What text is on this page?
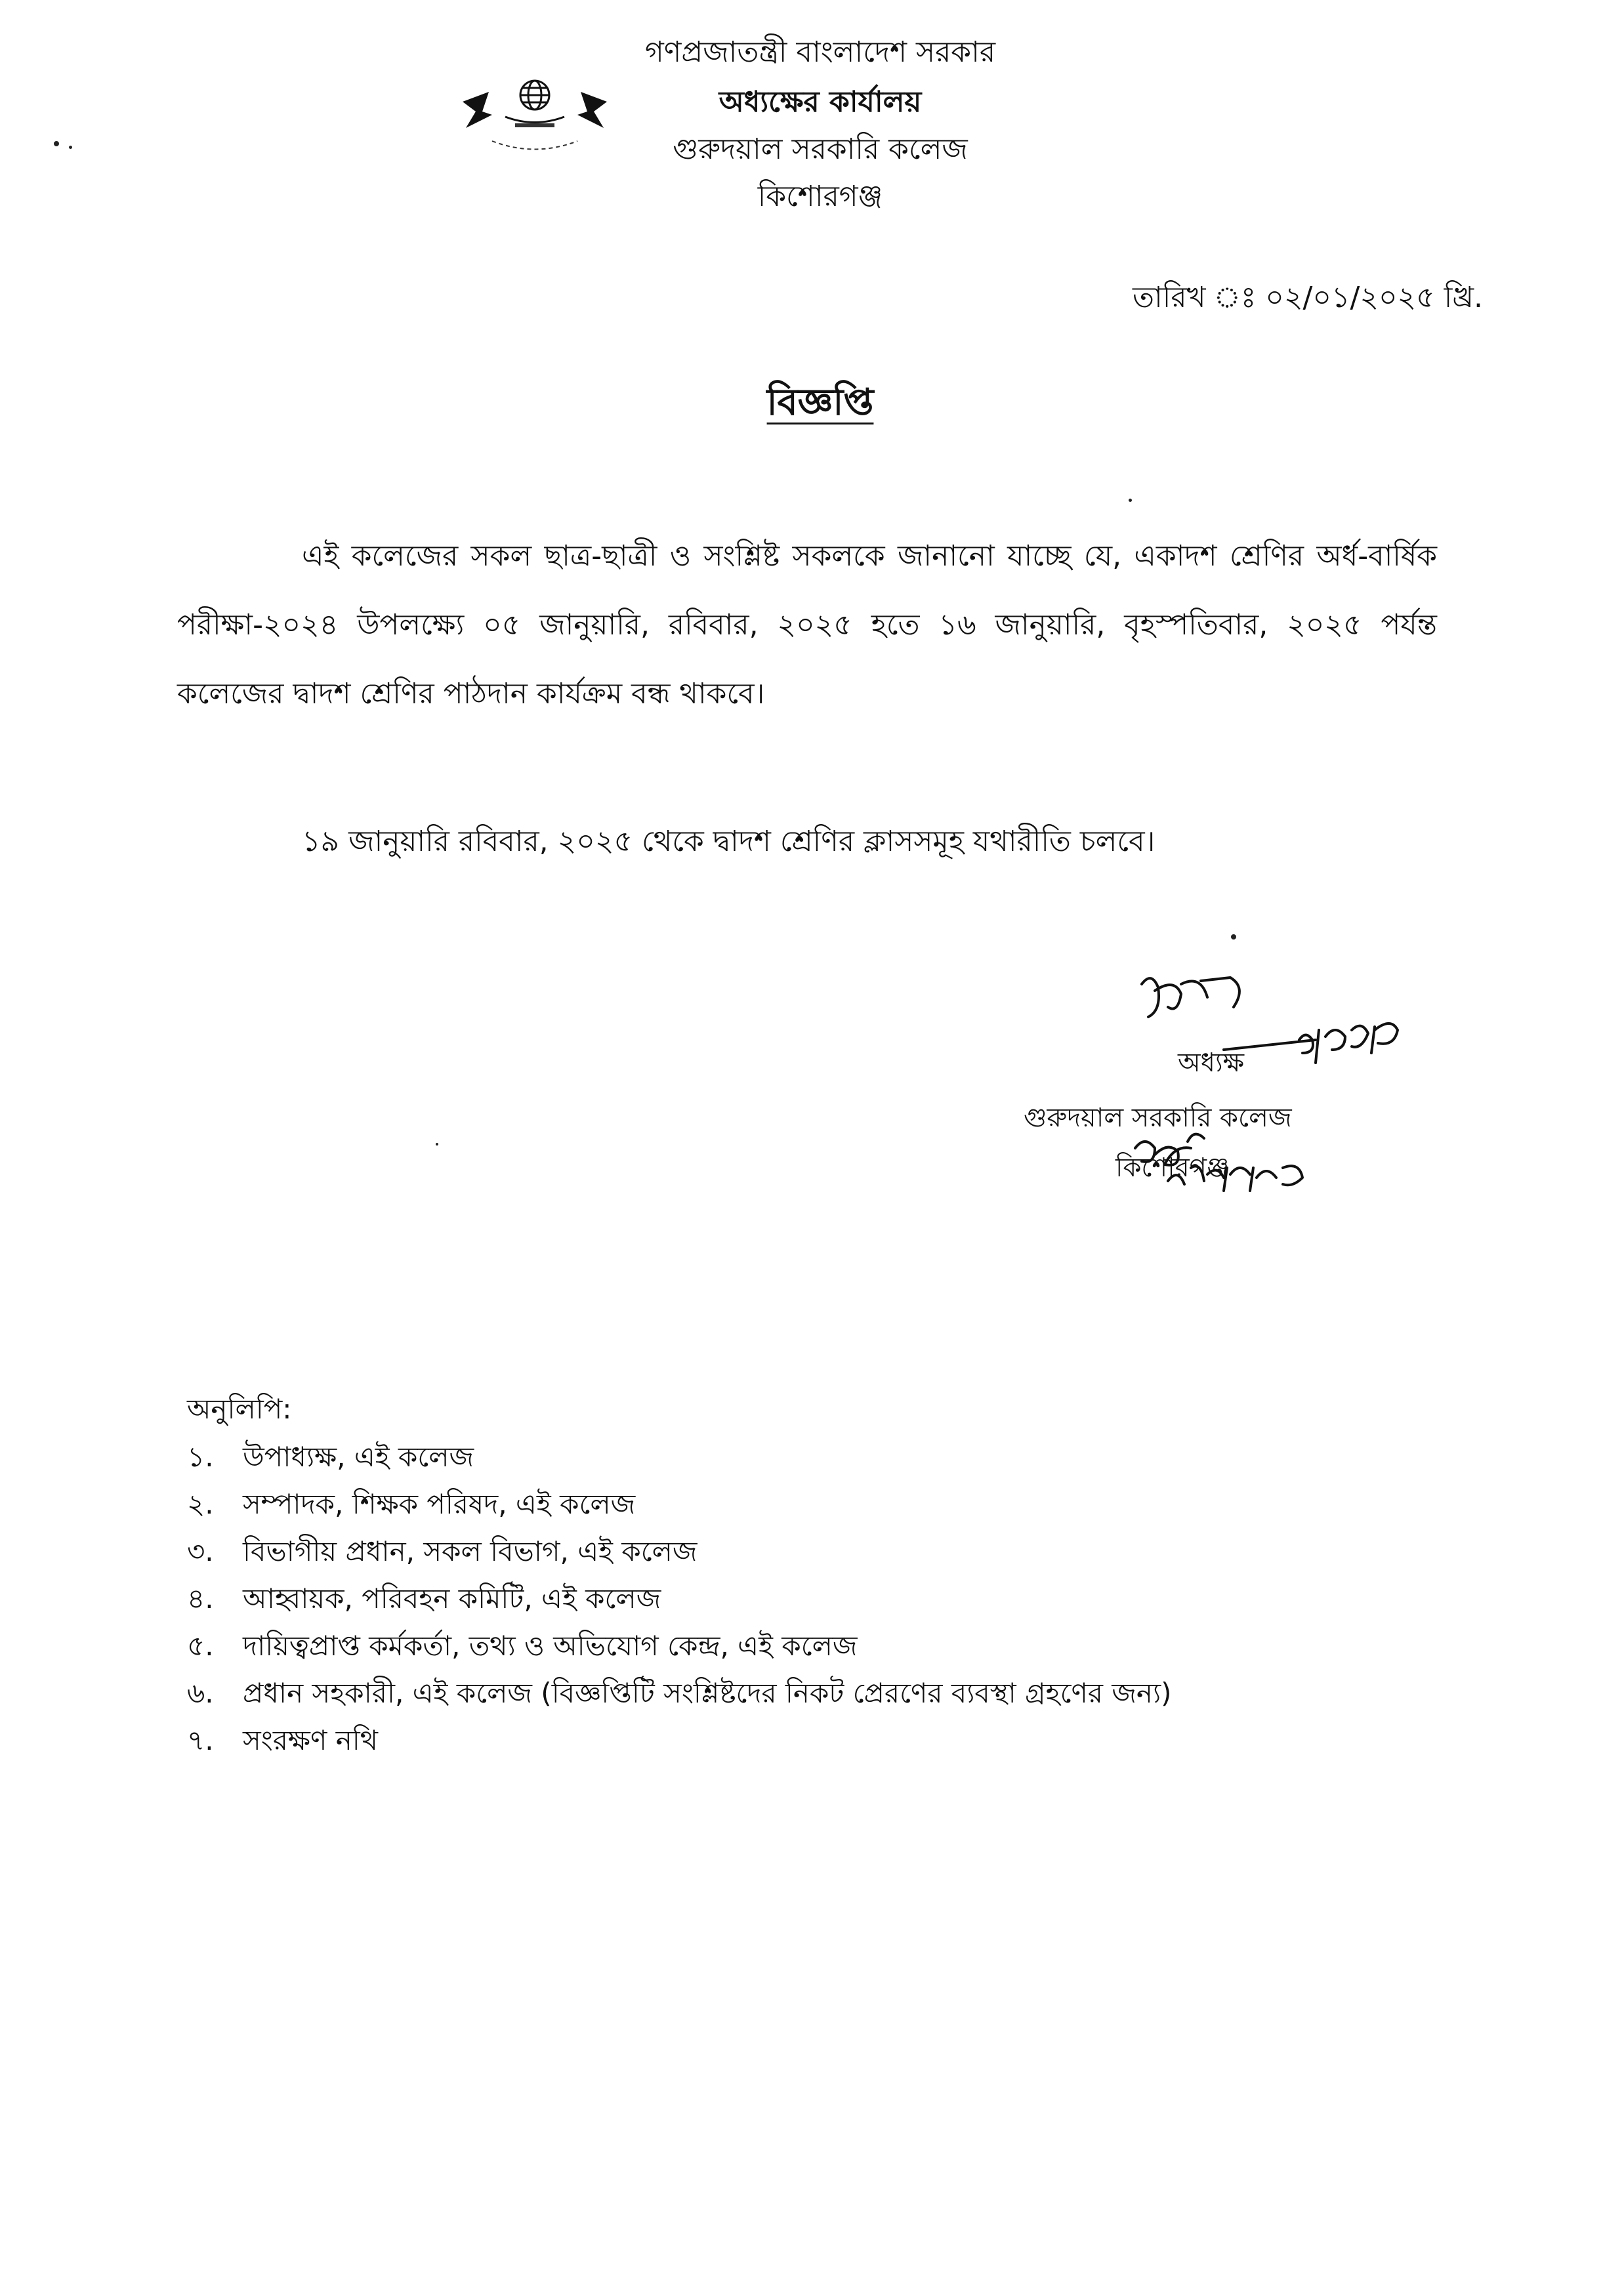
গণপ্রজাতন্ত্রী বাংলাদেশ সরকার
অধ্যক্ষের কার্যালয়
গুরুদয়াল সরকারি কলেজ
কিশোরগঞ্জ
তারিখ ঃ ০২/০১/২০২৫ খ্রি.
বিজ্ঞপ্তি

এই কলেজের সকল ছাত্র-ছাত্রী ও সংশ্লিষ্ট সকলকে জানানো যাচ্ছে যে, একাদশ শ্রেণির অর্ধ-বার্ষিক পরীক্ষা-২০২৪ উপলক্ষ্যে ০৫ জানুয়ারি, রবিবার, ২০২৫ হতে ১৬ জানুয়ারি, বৃহস্পতিবার, ২০২৫ পর্যন্ত কলেজের দ্বাদশ শ্রেণির পাঠদান কার্যক্রম বন্ধ থাকবে।

১৯ জানুয়ারি রবিবার, ২০২৫ থেকে দ্বাদশ শ্রেণির ক্লাসসমূহ যথারীতি চলবে।

অধ্যক্ষ
গুরুদয়াল সরকারি কলেজ
কিশোরগঞ্জ
অনুলিপি:
১. উপাধ্যক্ষ, এই কলেজ
২. সম্পাদক, শিক্ষক পরিষদ, এই কলেজ
৩. বিভাগীয় প্রধান, সকল বিভাগ, এই কলেজ
৪. আহ্বায়ক, পরিবহন কমিটি, এই কলেজ
৫. দায়িত্বপ্রাপ্ত কর্মকর্তা, তথ্য ও অভিযোগ কেন্দ্র, এই কলেজ
৬. প্রধান সহকারী, এই কলেজ (বিজ্ঞপ্তিটি সংশ্লিষ্টদের নিকট প্রেরণের ব্যবস্থা গ্রহণের জন্য)
৭. সংরক্ষণ নথি
